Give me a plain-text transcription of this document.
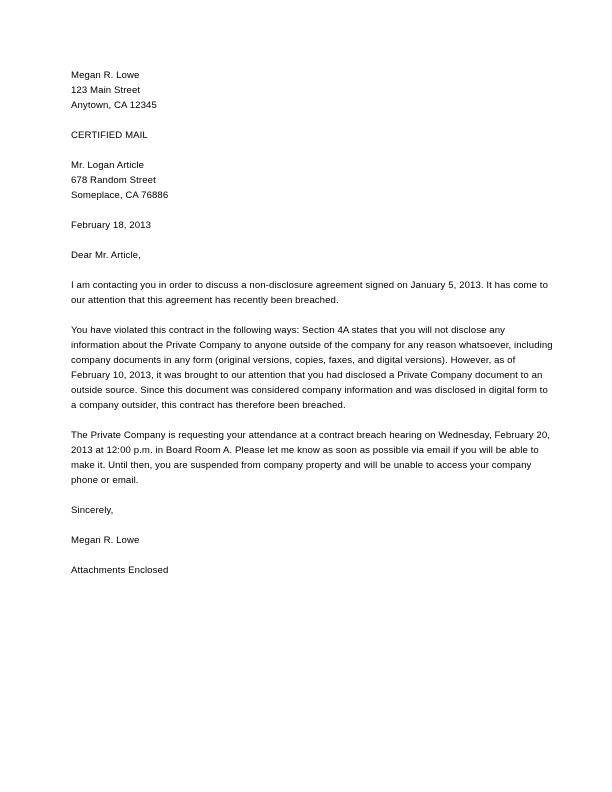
Megan R. Lowe
123 Main Street
Anytown, CA 12345
CERTIFIED MAIL
Mr. Logan Article
678 Random Street
Someplace, CA 76886
February 18, 2013
Dear Mr. Article,

I am contacting you in order to discuss a non-disclosure agreement signed on January 5, 2013. It has come to our attention that this agreement has recently been breached.

You have violated this contract in the following ways: Section 4A states that you will not disclose any information about the Private Company to anyone outside of the company for any reason whatsoever, including company documents in any form (original versions, copies, faxes, and digital versions). However, as of February 10, 2013, it was brought to our attention that you had disclosed a Private Company document to an outside source. Since this document was considered company information and was disclosed in digital form to a company outsider, this contract has therefore been breached.

The Private Company is requesting your attendance at a contract breach hearing on Wednesday, February 20, 2013 at 12:00 p.m. in Board Room A. Please let me know as soon as possible via email if you will be able to make it. Until then, you are suspended from company property and will be unable to access your company phone or email.

Sincerely,
Megan R. Lowe
Attachments Enclosed
